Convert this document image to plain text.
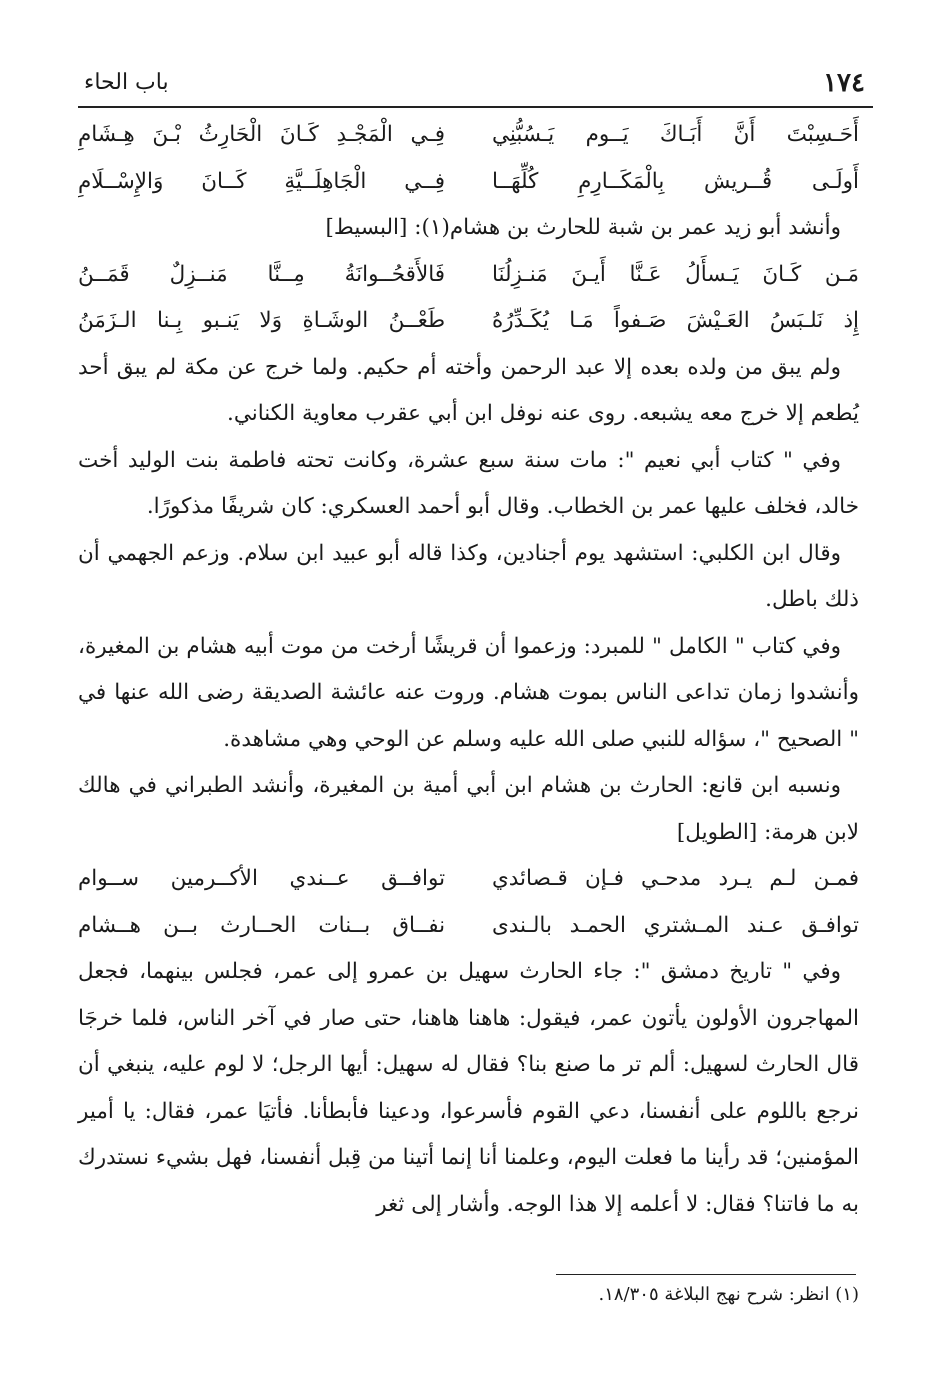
١٧٤
باب الحاء
أَحَـسِبْتَ أَنَّ أَبَـاكَ يَــوم يَـسُبُّنِي
فِـي الْمَجْـدِ كَـانَ الْحَارِثُ بْـنَ هِـشَامِ
أَولَـى قُــريش بِالْمَكَــارِمِ كُلِّهَــا
فِــي الْجَاهِلَــيَّةِ كَــانَ وَالإِسْــلَامِ

وأنشد أبو زيد عمر بن شبة للحارث بن هشام(١): [البسيط]

مَـن كَـانَ يَـسأَلُ عَـنَّا أَيـنَ مَنـزِلُنَا
فَالأَقحُــوانَةُ مِــنَّا مَنــزِلٌ قَمَــنُ
إِذ نَلـبَسُ العَـيْشَ صَـفواً مَـا يُكَـدِّرُهُ
طَعْــنُ الوشَـاةِ وَلا يَنـبو بِـنا الـزَمَنُ

ولم يبق من ولده بعده إلا عبد الرحمن وأخته أم حكيم. ولما خرج عن مكة لم يبق أحد يُطعم إلا خرج معه يشبعه. روى عنه نوفل ابن أبي عقرب معاوية الكناني.

وفي " كتاب أبي نعيم ": مات سنة سبع عشرة، وكانت تحته فاطمة بنت الوليد أخت خالد، فخلف عليها عمر بن الخطاب. وقال أبو أحمد العسكري: كان شريفًا مذكورًا.

وقال ابن الكلبي: استشهد يوم أجنادين، وكذا قاله أبو عبيد ابن سلام. وزعم الجهمي أن ذلك باطل.

وفي كتاب " الكامل " للمبرد: وزعموا أن قريشًا أرخت من موت أبيه هشام بن المغيرة، وأنشدوا زمان تداعى الناس بموت هشام. وروت عنه عائشة الصديقة رضى الله عنها في " الصحيح "، سؤاله للنبي صلى الله عليه وسلم عن الوحي وهي مشاهدة.

ونسبه ابن قانع: الحارث بن هشام ابن أبي أمية بن المغيرة، وأنشد الطبراني في هالك لابن هرمة: [الطويل]

فمـن لـم يـرد مدحـي فـإن قـصائدي
توافــق عــندي الأكــرمين ســوام
توافـق عـند المـشتري الحمـد بالـندى
نفــاق بــنات الحــارث بــن هــشام

وفي " تاريخ دمشق ": جاء الحارث سهيل بن عمرو إلى عمر، فجلس بينهما، فجعل المهاجرون الأولون يأتون عمر، فيقول: هاهنا هاهنا، حتى صار في آخر الناس، فلما خرجَا قال الحارث لسهيل: ألم تر ما صنع بنا؟ فقال له سهيل: أيها الرجل؛ لا لوم عليه، ينبغي أن نرجع باللوم على أنفسنا، دعي القوم فأسرعوا، ودعينا فأبطأنا. فأتيَا عمر، فقال: يا أمير المؤمنين؛ قد رأينا ما فعلت اليوم، وعلمنا أنا إنما أتينا من قِبل أنفسنا، فهل بشيء نستدرك به ما فاتنا؟ فقال: لا أعلمه إلا هذا الوجه. وأشار إلى ثغر

(١) انظر: شرح نهج البلاغة ١٨/٣٠٥.
